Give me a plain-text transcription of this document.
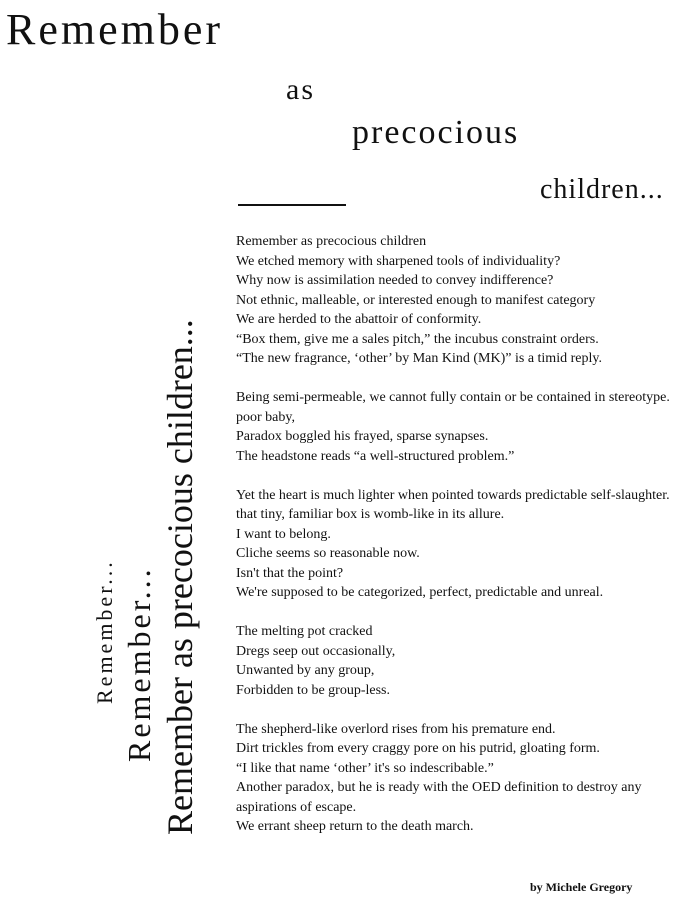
Remember
as
precocious
children...
Remember... Remember... Remember as precocious children...
Remember as precocious children
We etched memory with sharpened tools of individuality?
Why now is assimilation needed to convey indifference?
Not ethnic, malleable, or interested enough to manifest category
We are herded to the abattoir of conformity.
“Box them, give me a sales pitch,” the incubus constraint orders.
“The new fragrance, ‘other’ by Man Kind (MK)” is a timid reply.
Being semi-permeable, we cannot fully contain or be contained in stereotype.
poor baby,
Paradox boggled his frayed, sparse synapses.
The headstone reads “a well-structured problem.”
Yet the heart is much lighter when pointed towards predictable self-slaughter.
that tiny, familiar box is womb-like in its allure.
I want to belong.
Cliche seems so reasonable now.
Isn't that the point?
We're supposed to be categorized, perfect, predictable and unreal.
The melting pot cracked
Dregs seep out occasionally,
Unwanted by any group,
Forbidden to be group-less.
The shepherd-like overlord rises from his premature end.
Dirt trickles from every craggy pore on his putrid, gloating form.
“I like that name ‘other’ it's so indescribable.”
Another paradox, but he is ready with the OED definition to destroy any aspirations of escape.
We errant sheep return to the death march.
by Michele Gregory
